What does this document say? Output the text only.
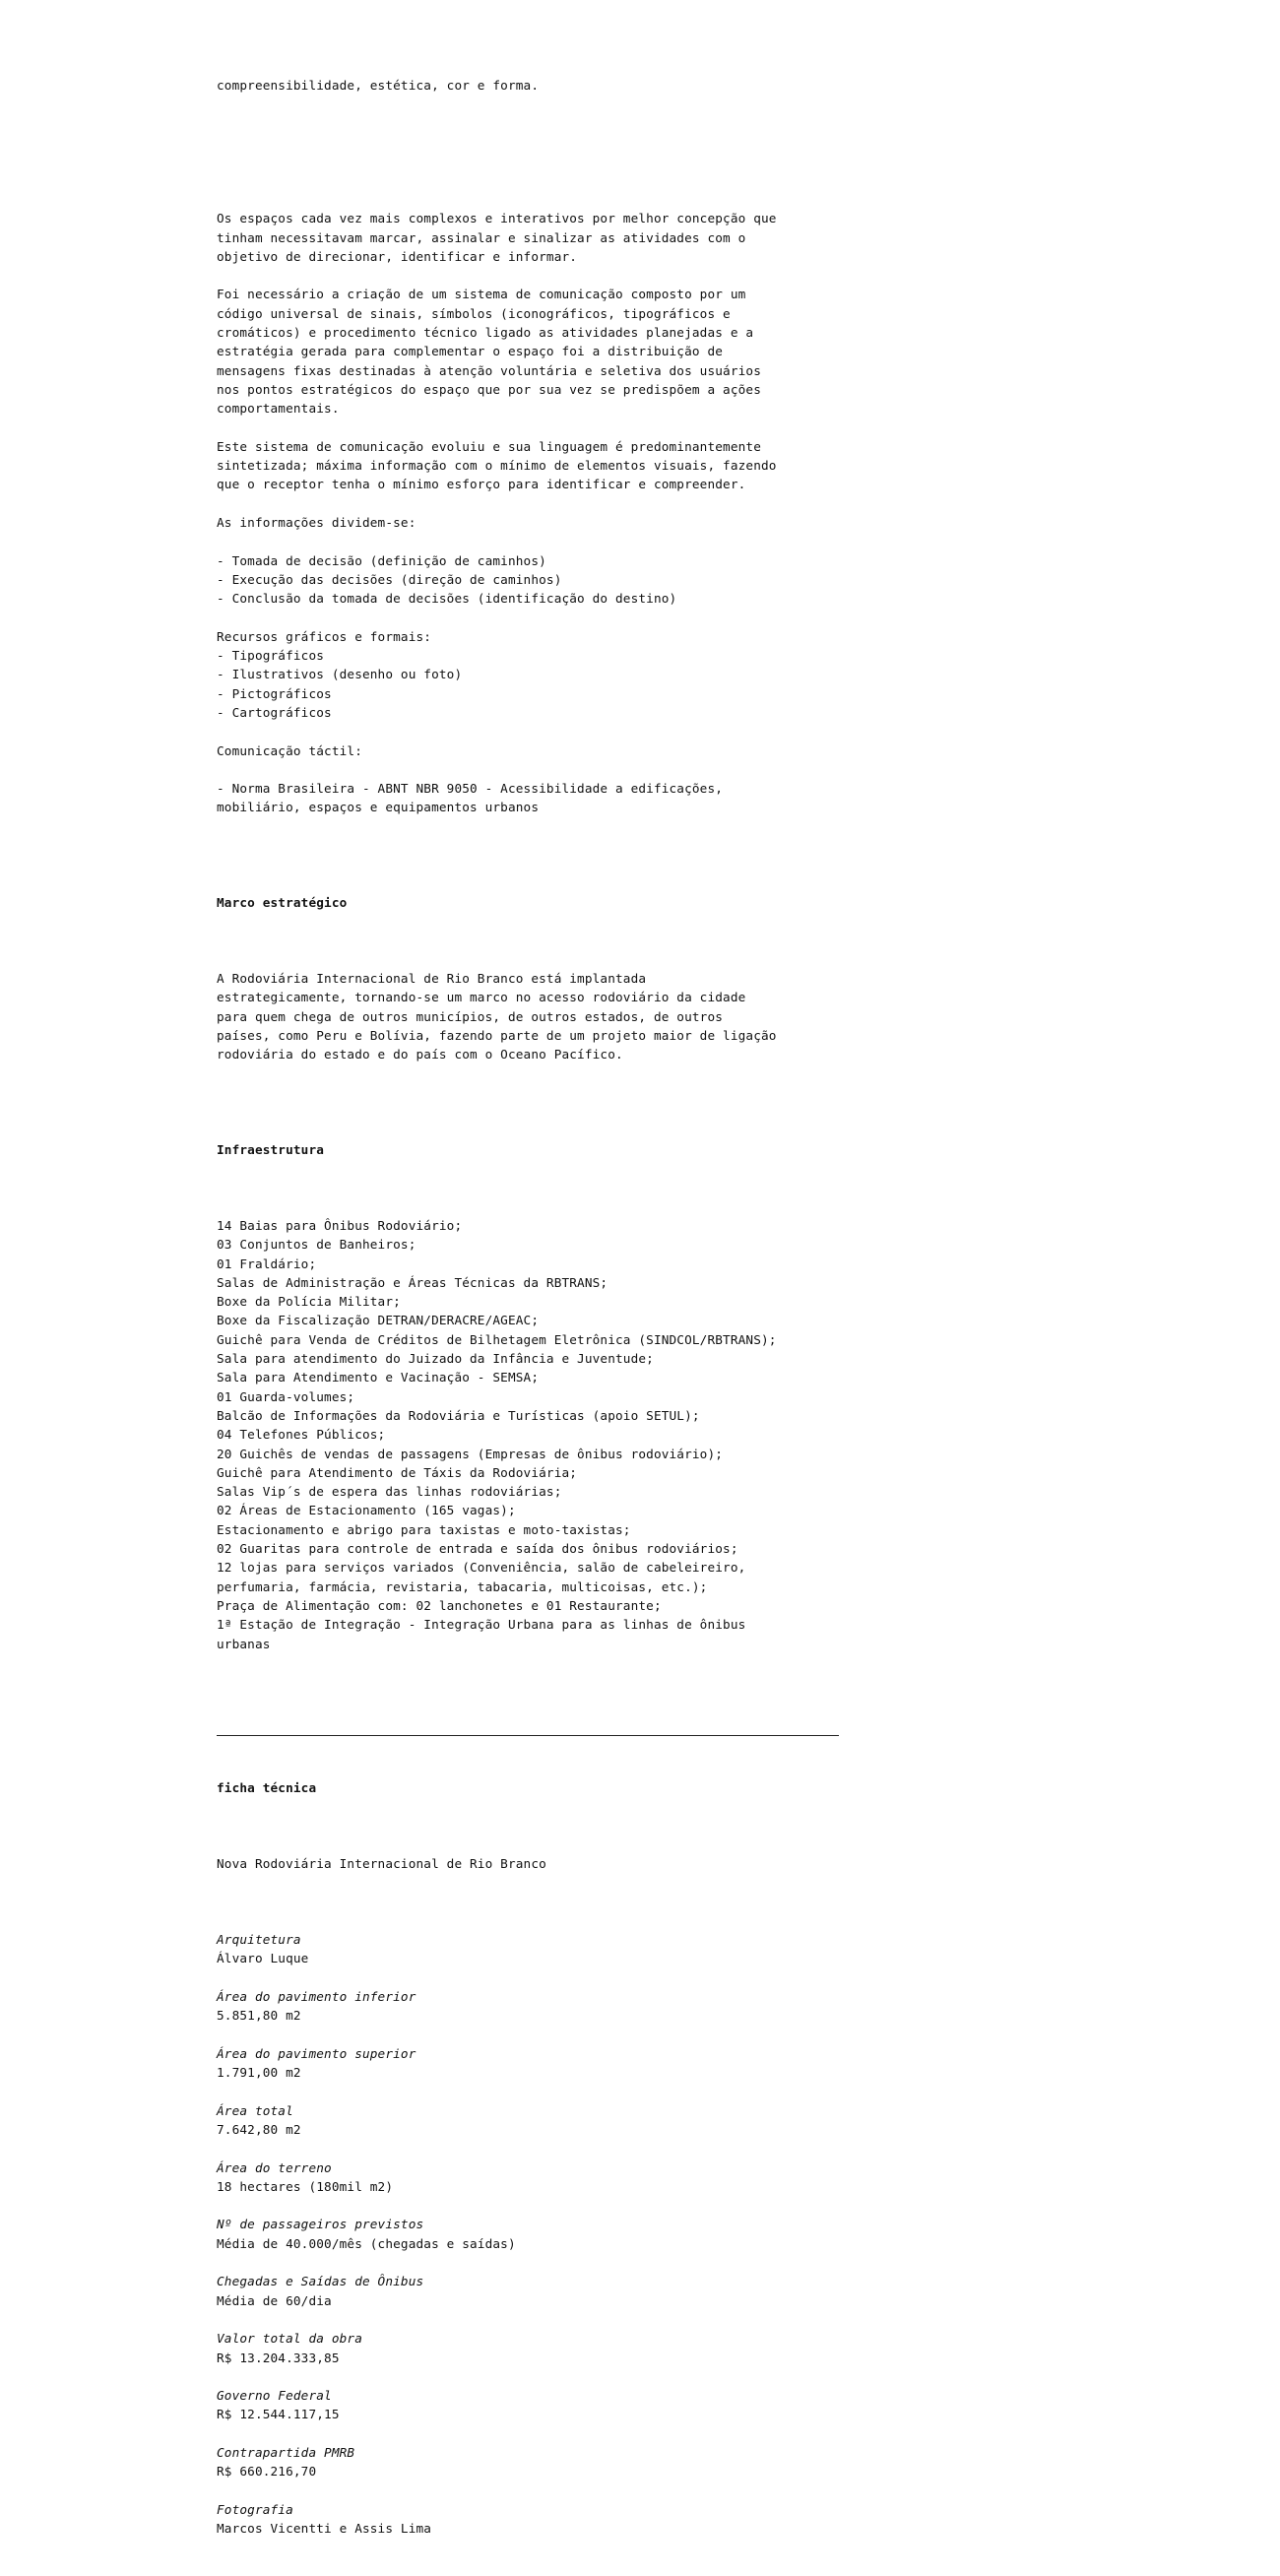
compreensibilidade, estética, cor e forma.

Os espaços cada vez mais complexos e interativos por melhor concepção que
tinham necessitavam marcar, assinalar e sinalizar as atividades com o
objetivo de direcionar, identificar e informar.
Foi necessário a criação de um sistema de comunicação composto por um
código universal de sinais, símbolos (iconográficos, tipográficos e
cromáticos) e procedimento técnico ligado as atividades planejadas e a
estratégia gerada para complementar o espaço foi a distribuição de
mensagens fixas destinadas à atenção voluntária e seletiva dos usuários
nos pontos estratégicos do espaço que por sua vez se predispõem a ações
comportamentais.
Este sistema de comunicação evoluiu e sua linguagem é predominantemente
sintetizada; máxima informação com o mínimo de elementos visuais, fazendo
que o receptor tenha o mínimo esforço para identificar e compreender.
As informações dividem-se:
- Tomada de decisão (definição de caminhos)
- Execução das decisões (direção de caminhos)
- Conclusão da tomada de decisões (identificação do destino)
Recursos gráficos e formais:
- Tipográficos
- Ilustrativos (desenho ou foto)
- Pictográficos
- Cartográficos
Comunicação táctil:
- Norma Brasileira - ABNT NBR 9050 - Acessibilidade a edificações,
mobiliário, espaços e equipamentos urbanos

Marco estratégico

A Rodoviária Internacional de Rio Branco está implantada
estrategicamente, tornando-se um marco no acesso rodoviário da cidade
para quem chega de outros municípios, de outros estados, de outros
países, como Peru e Bolívia, fazendo parte de um projeto maior de ligação
rodoviária do estado e do país com o Oceano Pacífico.

Infraestrutura

14 Baias para Ônibus Rodoviário;
03 Conjuntos de Banheiros;
01 Fraldário;
Salas de Administração e Áreas Técnicas da RBTRANS;
Boxe da Polícia Militar;
Boxe da Fiscalização DETRAN/DERACRE/AGEAC;
Guichê para Venda de Créditos de Bilhetagem Eletrônica (SINDCOL/RBTRANS);
Sala para atendimento do Juizado da Infância e Juventude;
Sala para Atendimento e Vacinação - SEMSA;
01 Guarda-volumes;
Balcão de Informações da Rodoviária e Turísticas (apoio SETUL);
04 Telefones Públicos;
20 Guichês de vendas de passagens (Empresas de ônibus rodoviário);
Guichê para Atendimento de Táxis da Rodoviária;
Salas Vip´s de espera das linhas rodoviárias;
02 Áreas de Estacionamento (165 vagas);
Estacionamento e abrigo para taxistas e moto-taxistas;
02 Guaritas para controle de entrada e saída dos ônibus rodoviários;
12 lojas para serviços variados (Conveniência, salão de cabeleireiro,
perfumaria, farmácia, revistaria, tabacaria, multicoisas, etc.);
Praça de Alimentação com: 02 lanchonetes e 01 Restaurante;
1ª Estação de Integração - Integração Urbana para as linhas de ônibus
urbanas

ficha técnica

Nova Rodoviária Internacional de Rio Branco

Arquitetura
Álvaro Luque
Área do pavimento inferior
5.851,80 m2
Área do pavimento superior
1.791,00 m2
Área total
7.642,80 m2
Área do terreno
18 hectares (180mil m2)
Nº de passageiros previstos
Média de 40.000/mês (chegadas e saídas)
Chegadas e Saídas de Ônibus
Média de 60/dia
Valor total da obra
R$ 13.204.333,85
Governo Federal
R$ 12.544.117,15
Contrapartida PMRB
R$ 660.216,70
Fotografia
Marcos Vicentti e Assis Lima
